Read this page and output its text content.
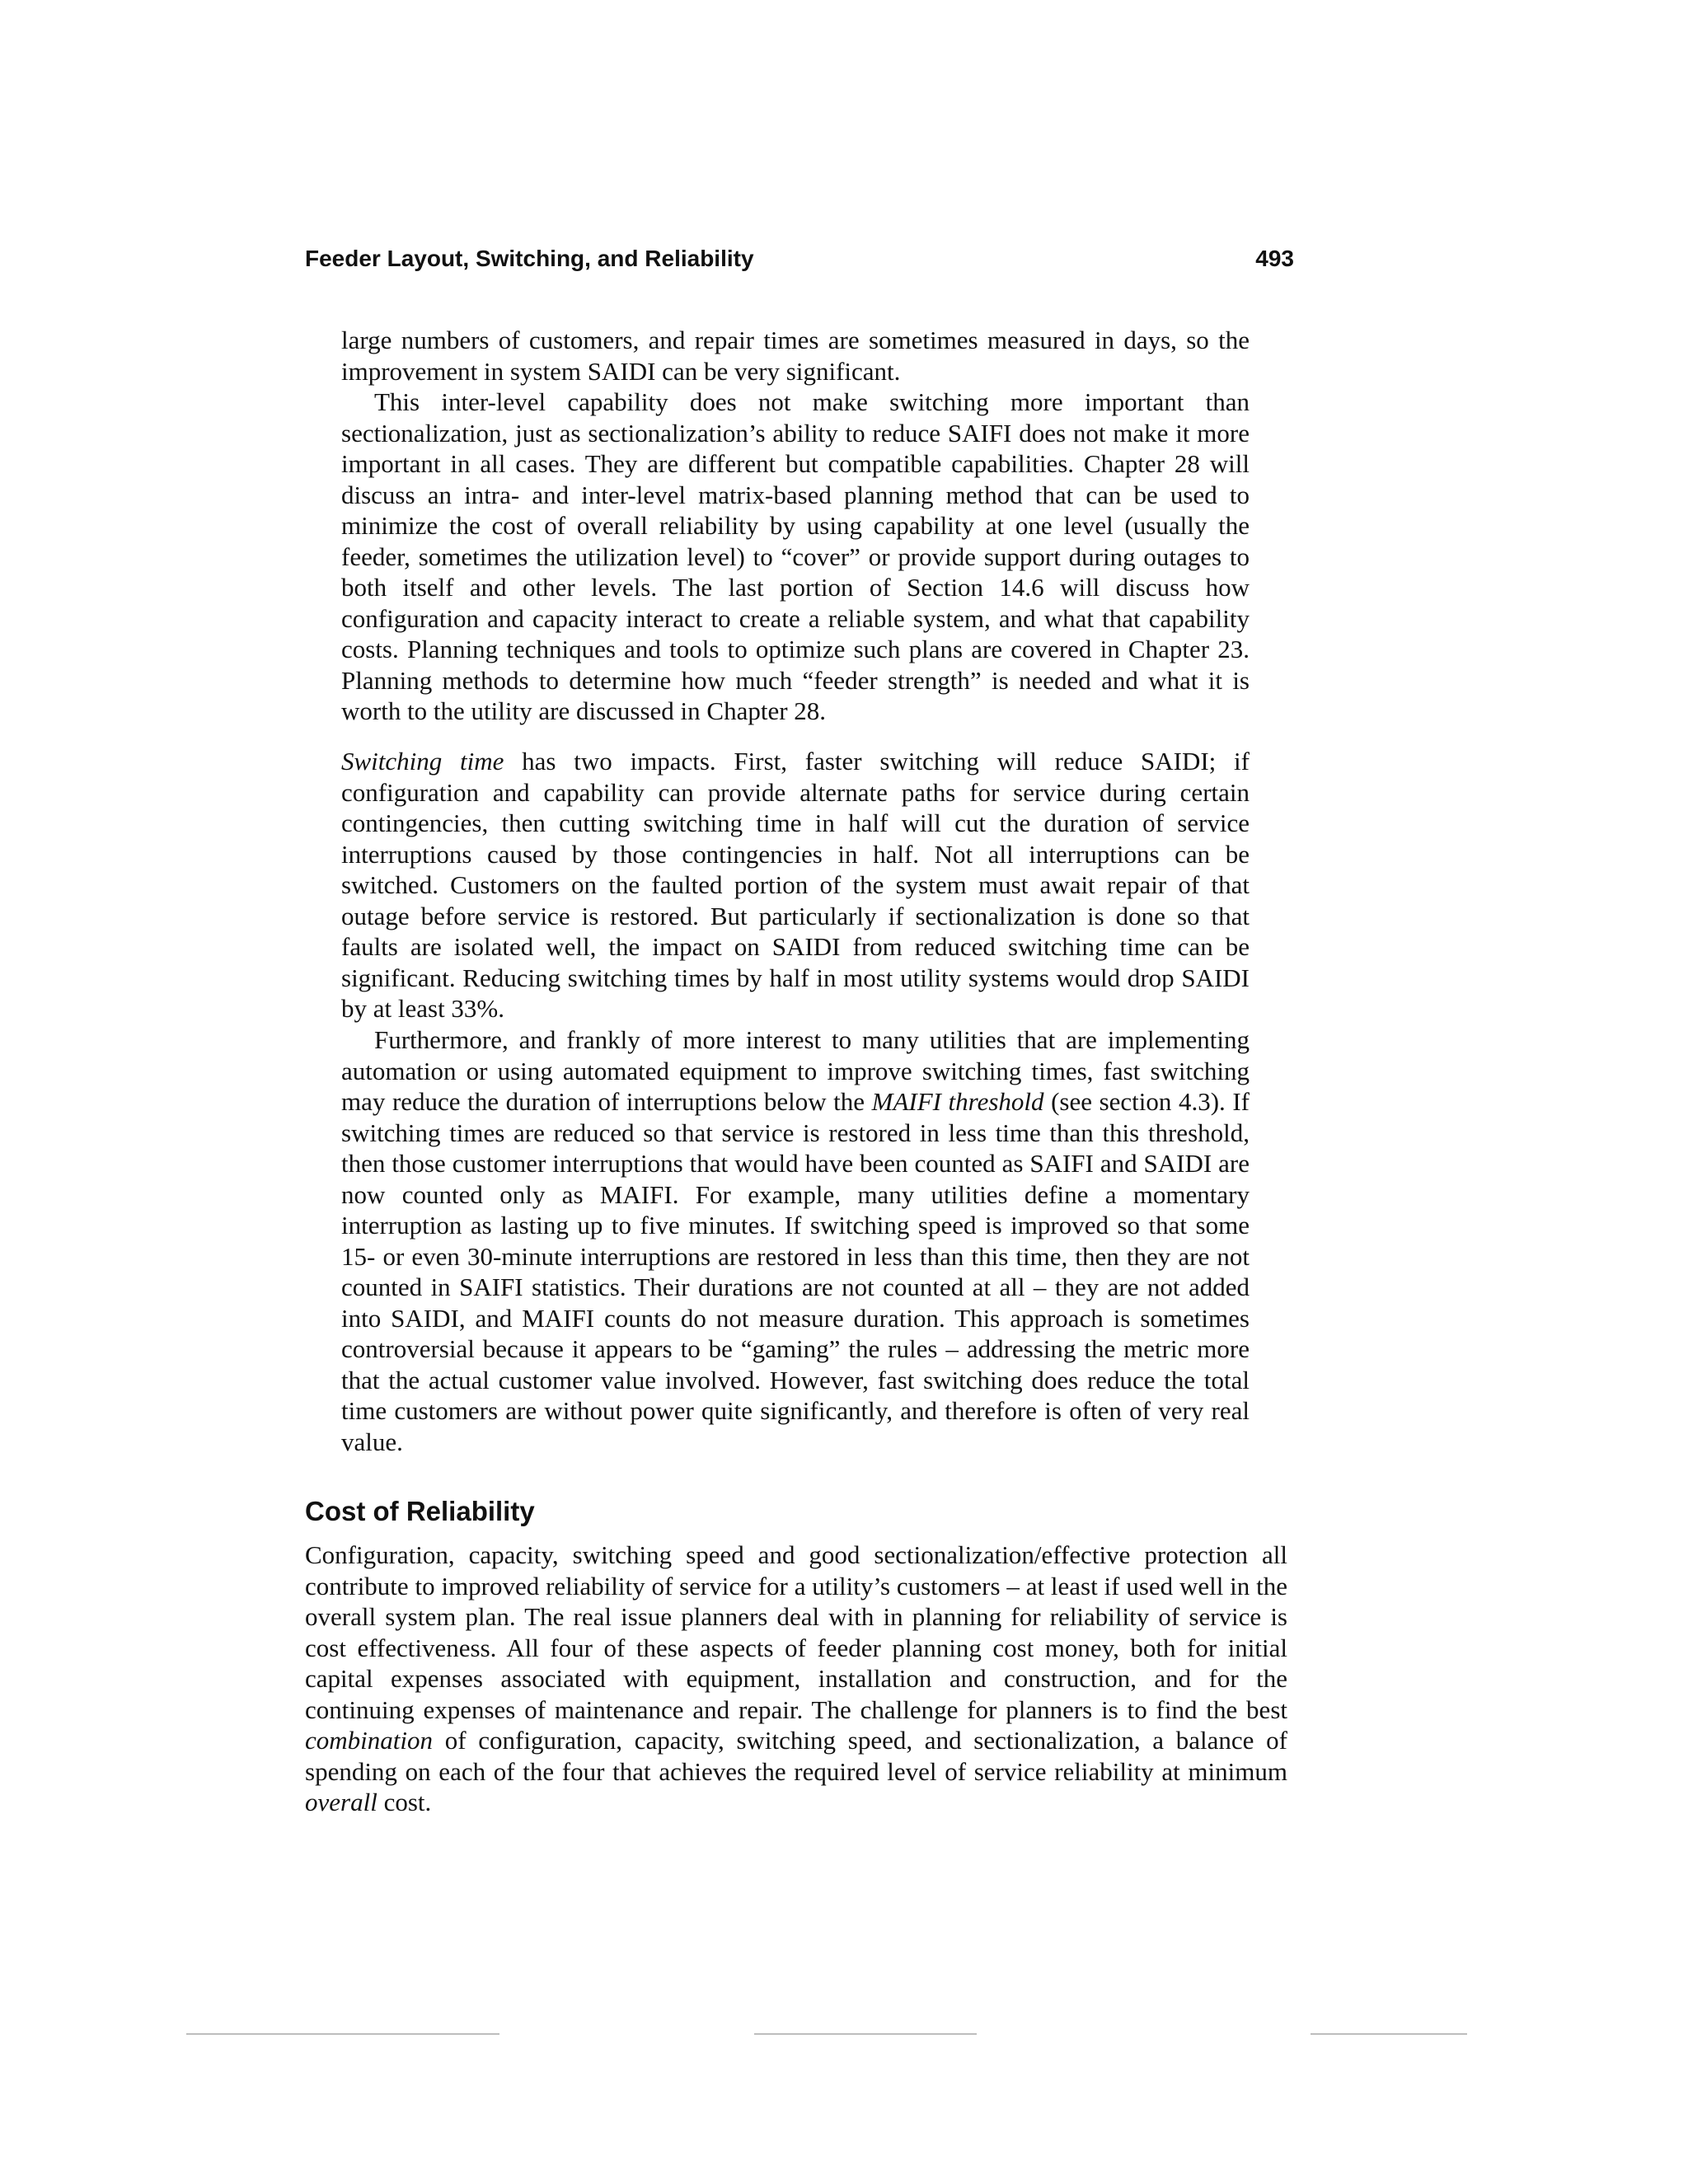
Feeder Layout, Switching, and Reliability	493

large numbers of customers, and repair times are sometimes measured in days, so the improvement in system SAIDI can be very significant.

This inter-level capability does not make switching more important than sectionalization, just as sectionalization’s ability to reduce SAIFI does not make it more important in all cases. They are different but compatible capabilities. Chapter 28 will discuss an intra- and inter-level matrix-based planning method that can be used to minimize the cost of overall reliability by using capability at one level (usually the feeder, sometimes the utilization level) to “cover” or provide support during outages to both itself and other levels. The last portion of Section 14.6 will discuss how configuration and capacity interact to create a reliable system, and what that capability costs. Planning techniques and tools to optimize such plans are covered in Chapter 23. Planning methods to determine how much “feeder strength” is needed and what it is worth to the utility are discussed in Chapter 28.

Switching time has two impacts. First, faster switching will reduce SAIDI; if configuration and capability can provide alternate paths for service during certain contingencies, then cutting switching time in half will cut the duration of service interruptions caused by those contingencies in half. Not all interruptions can be switched. Customers on the faulted portion of the system must await repair of that outage before service is restored. But particularly if sectionalization is done so that faults are isolated well, the impact on SAIDI from reduced switching time can be significant. Reducing switching times by half in most utility systems would drop SAIDI by at least 33%.

Furthermore, and frankly of more interest to many utilities that are implementing automation or using automated equipment to improve switching times, fast switching may reduce the duration of interruptions below the MAIFI threshold (see section 4.3). If switching times are reduced so that service is restored in less time than this threshold, then those customer interruptions that would have been counted as SAIFI and SAIDI are now counted only as MAIFI. For example, many utilities define a momentary interruption as lasting up to five minutes. If switching speed is improved so that some 15- or even 30-minute interruptions are restored in less than this time, then they are not counted in SAIFI statistics. Their durations are not counted at all – they are not added into SAIDI, and MAIFI counts do not measure duration. This approach is sometimes controversial because it appears to be “gaming” the rules – addressing the metric more that the actual customer value involved. However, fast switching does reduce the total time customers are without power quite significantly, and therefore is often of very real value.

Cost of Reliability

Configuration, capacity, switching speed and good sectionalization/effective protection all contribute to improved reliability of service for a utility’s customers – at least if used well in the overall system plan. The real issue planners deal with in planning for reliability of service is cost effectiveness. All four of these aspects of feeder planning cost money, both for initial capital expenses associated with equipment, installation and construction, and for the continuing expenses of maintenance and repair. The challenge for planners is to find the best combination of configuration, capacity, switching speed, and sectionalization, a balance of spending on each of the four that achieves the required level of service reliability at minimum overall cost.
